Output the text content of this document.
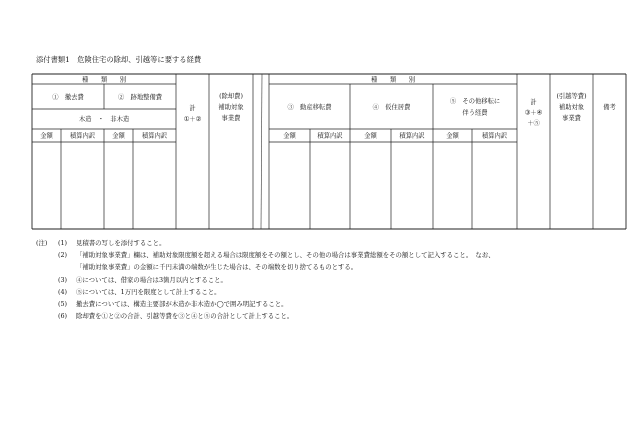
添付書類1　危険住宅の除却、引越等に要する経費
種　　類　　別
①　撤去費	②　跡地整備費
木造　・　非木造
金額	積算内訳	金額	積算内訳
計
①＋②
(除却費)
補助対象
事業費
種　　類　　別
③　動産移転費	④　仮住居費
⑤　その他移転に
伴う経費
金額	積算内訳	金額	積算内訳	金額	積算内訳
計
③＋④
＋⑤
(引越等費)
補助対象
事業費
備考
(注) (1) 見積書の写しを添付すること。
(2) 「補助対象事業費」欄は、補助対象限度額を超える場合は限度額をその額とし、その他の場合は事業費総額をその額として記入すること。　なお、
「補助対象事業費」の金額に千円未満の端数が生じた場合は、その端数を切り捨てるものとする。
(3) ④については、借家の場合は3箇月以内とすること。
(4) ⑤については、1万円を限度として計上すること。
(5) 撤去費については、構造主要部が木造か非木造か◯で囲み明記すること。
(6) 除却費を①と②の合計、引越等費を③と④と⑤の合計として計上すること。
